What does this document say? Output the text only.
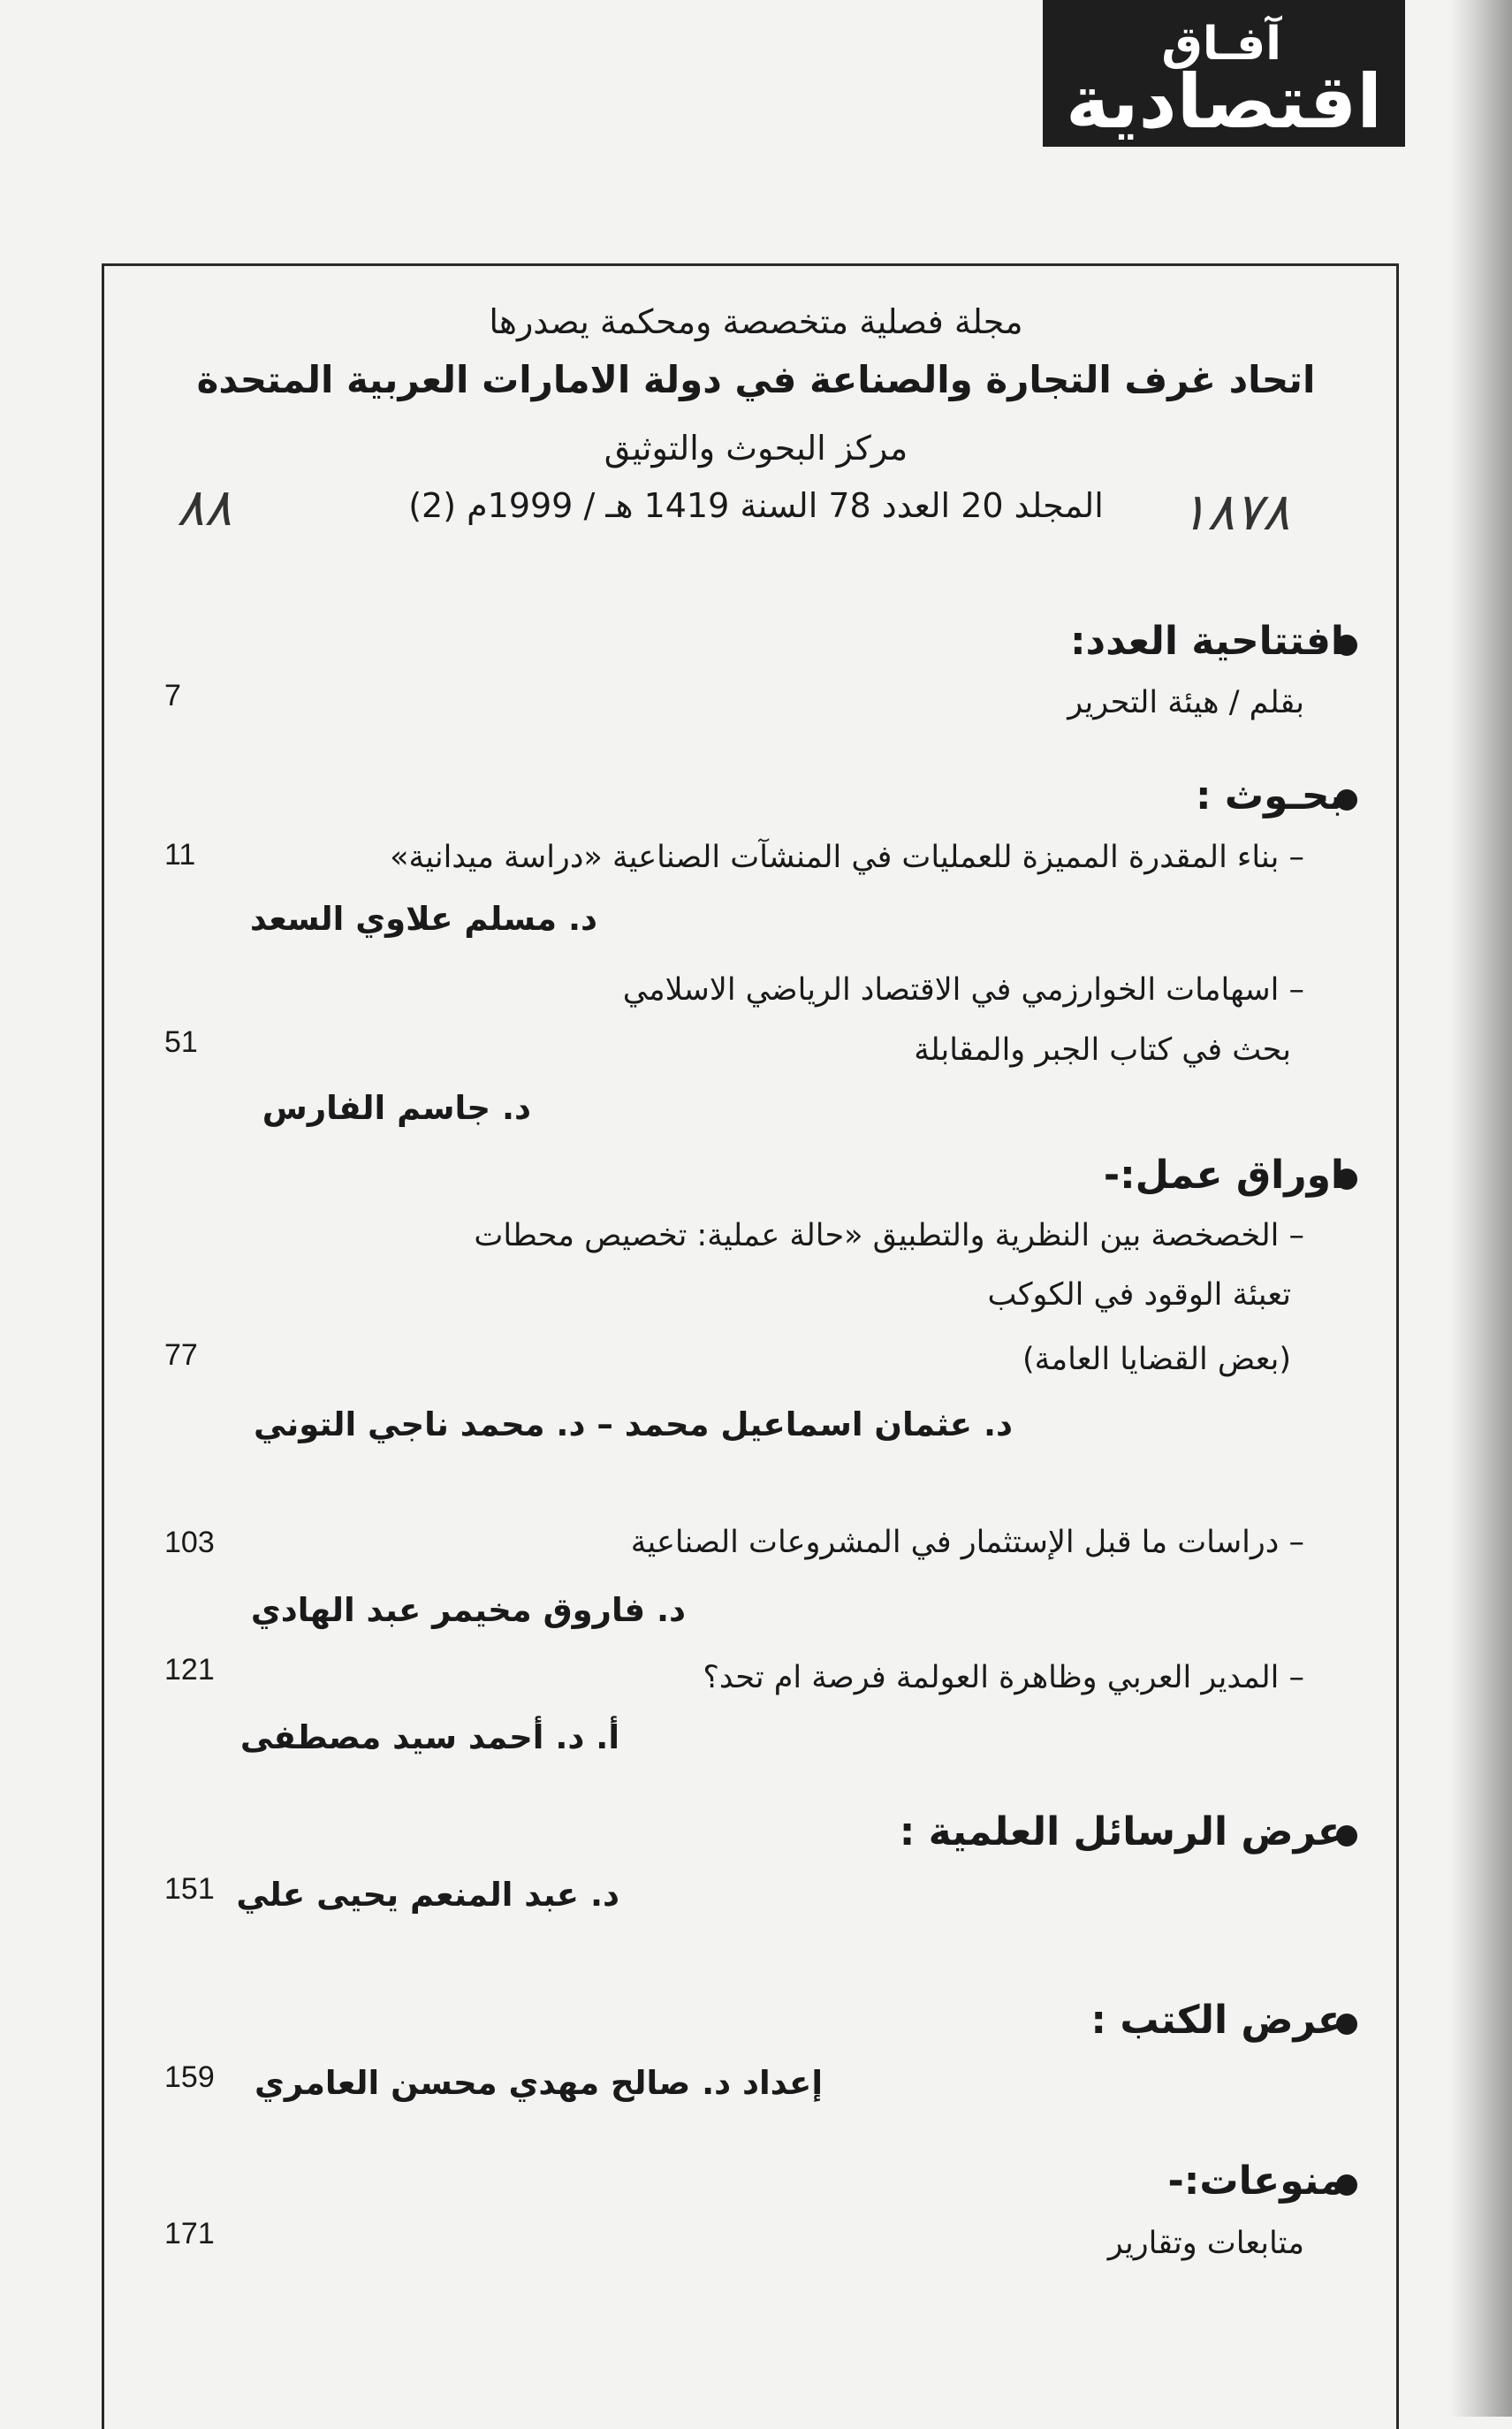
آفـاق
اقتصادية
مجلة فصلية متخصصة ومحكمة يصدرها
اتحاد غرف التجارة والصناعة في دولة الامارات العربية المتحدة
مركز البحوث والتوثيق
المجلد 20 العدد 78 السنة 1419 هـ / 1999م (2)
٨٨	١٨٧٨
افتتاحية العدد:
بقلم / هيئة التحرير
7
بحـوث :
– بناء المقدرة المميزة للعمليات في المنشآت الصناعية «دراسة ميدانية»
11
د. مسلم علاوي السعد
– اسهامات الخوارزمي في الاقتصاد الرياضي الاسلامي
بحث في كتاب الجبر والمقابلة
51
د. جاسم الفارس
اوراق عمل:-
– الخصخصة بين النظرية والتطبيق «حالة عملية: تخصيص محطات
تعبئة الوقود في الكوكب
(بعض القضايا العامة)
77
د. عثمان اسماعيل محمد – د. محمد ناجي التوني
– دراسات ما قبل الإستثمار في المشروعات الصناعية
103
د. فاروق مخيمر عبد الهادي
– المدير العربي وظاهرة العولمة فرصة ام تحد؟
121
أ. د. أحمد سيد مصطفى
عرض الرسائل العلمية :
د. عبد المنعم يحيى علي
151
عرض الكتب :
إعداد د. صالح مهدي محسن العامري
159
منوعات:-
متابعات وتقارير
171
